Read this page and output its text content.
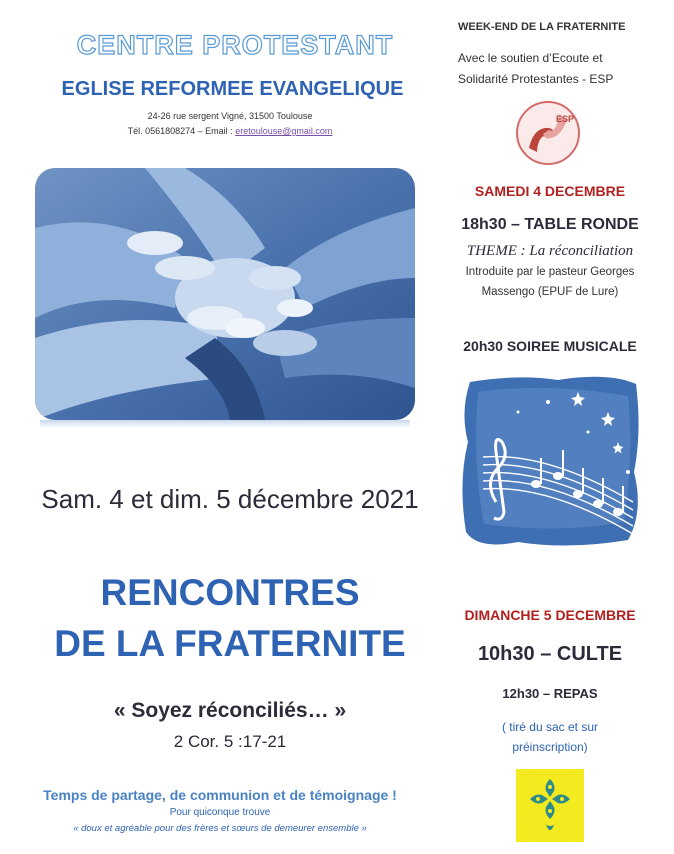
CENTRE PROTESTANT
EGLISE REFORMEE EVANGELIQUE
24-26 rue sergent Vigné, 31500 Toulouse
Tél. 0561808274 – Email : eretoulouse@gmail.com
Sam. 4 et dim. 5 décembre 2021
RENCONTRES
DE LA FRATERNITE
« Soyez réconciliés… »
2 Cor. 5 :17-21
Temps de partage, de communion et de témoignage !
Pour quiconque trouve
« doux et agréable pour des frères et sœurs de demeurer ensemble »
WEEK-END DE LA FRATERNITE
Avec le soutien d’Ecoute et
Solidarité Protestantes - ESP
ESP
SAMEDI 4 DECEMBRE
18h30 – TABLE RONDE
THEME : La réconciliation
Introduite par le pasteur Georges
Massengo (EPUF de Lure)
20h30 SOIREE MUSICALE
DIMANCHE 5 DECEMBRE
10h30 – CULTE
12h30 – REPAS
( tiré du sac et sur
préinscription)
